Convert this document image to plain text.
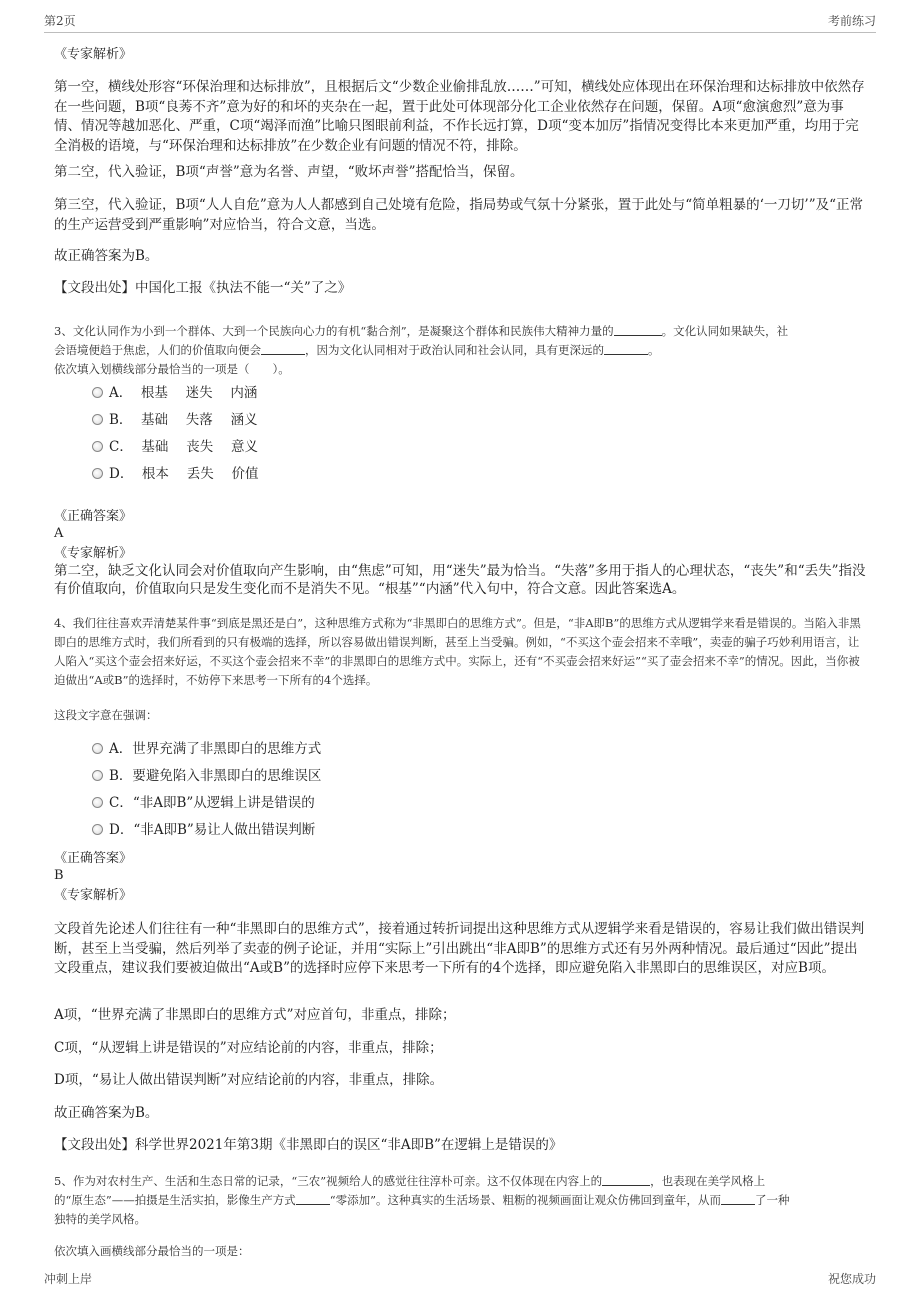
第2页	考前练习

《专家解析》

第一空，横线处形容“环保治理和达标排放”，且根据后文“少数企业偷排乱放……”可知，横线处应体现出在环保治理和达标排放中依然存在一些问题，B项“良莠不齐”意为好的和坏的夹杂在一起，置于此处可体现部分化工企业依然存在问题，保留。A项“愈演愈烈”意为事情、情况等越加恶化、严重，C项“竭泽而渔”比喻只图眼前利益，不作长远打算，D项“变本加厉”指情况变得比本来更加严重，均用于完全消极的语境，与“环保治理和达标排放”在少数企业有问题的情况不符，排除。

第二空，代入验证，B项“声誉”意为名誉、声望，“败坏声誉”搭配恰当，保留。

第三空，代入验证，B项“人人自危”意为人人都感到自己处境有危险，指局势或气氛十分紧张，置于此处与“简单粗暴的‘一刀切’”及“正常的生产运营受到严重影响”对应恰当，符合文意，当选。

故正确答案为B。

【文段出处】中国化工报《执法不能一“关”了之》

3、文化认同作为小到一个群体、大到一个民族向心力的有机“黏合剂”，是凝聚这个群体和民族伟大精神力量的	。文化认同如果缺失，社
会语境便趋于焦虑，人们的价值取向便会	，因为文化认同相对于政治认同和社会认同，具有更深远的	。
依次填入划横线部分最恰当的一项是（　　）。

A．  根基　 迷失　 内涵
B．  基础　 失落　 涵义
C．  基础　 丧失　 意义
D．  根本　 丢失　 价值

《正确答案》

A

《专家解析》

第二空，缺乏文化认同会对价值取向产生影响，由“焦虑”可知，用“迷失”最为恰当。“失落”多用于指人的心理状态，“丧失”和“丢失”指没有价值取向，价值取向只是发生变化而不是消失不见。“根基”“内涵”代入句中，符合文意。因此答案选A。

4、我们往往喜欢弄清楚某件事“到底是黑还是白”，这种思维方式称为“非黑即白的思维方式”。但是，“非A即B”的思维方式从逻辑学来看是错误的。当陷入非黑即白的思维方式时，我们所看到的只有极端的选择，所以容易做出错误判断，甚至上当受骗。例如，“不买这个壶会招来不幸哦”，卖壶的骗子巧妙利用语言，让人陷入“买这个壶会招来好运，不买这个壶会招来不幸”的非黑即白的思维方式中。实际上，还有“不买壶会招来好运”“买了壶会招来不幸”的情况。因此，当你被迫做出“A或B”的选择时，不妨停下来思考一下所有的4个选择。

这段文字意在强调：

A．世界充满了非黑即白的思维方式
B．要避免陷入非黑即白的思维误区
C．“非A即B”从逻辑上讲是错误的
D．“非A即B”易让人做出错误判断

《正确答案》

B

《专家解析》

文段首先论述人们往往有一种“非黑即白的思维方式”，接着通过转折词提出这种思维方式从逻辑学来看是错误的，容易让我们做出错误判断，甚至上当受骗，然后列举了卖壶的例子论证，并用“实际上”引出跳出“非A即B”的思维方式还有另外两种情况。最后通过“因此”提出文段重点，建议我们要被迫做出“A或B”的选择时应停下来思考一下所有的4个选择，即应避免陷入非黑即白的思维误区，对应B项。

A项，“世界充满了非黑即白的思维方式”对应首句，非重点，排除；

C项，“从逻辑上讲是错误的”对应结论前的内容，非重点，排除；

D项，“易让人做出错误判断”对应结论前的内容，非重点，排除。

故正确答案为B。

【文段出处】科学世界2021年第3期《非黑即白的误区“非A即B”在逻辑上是错误的》

5、作为对农村生产、生活和生态日常的记录，“三农”视频给人的感觉往往淳朴可亲。这不仅体现在内容上的	，也表现在美学风格上
的“原生态”——拍摄是生活实拍，影像生产方式	“零添加”。这种真实的生活场景、粗粝的视频画面让观众仿佛回到童年，从而	了一种
独特的美学风格。

依次填入画横线部分最恰当的一项是：

冲刺上岸	祝您成功
